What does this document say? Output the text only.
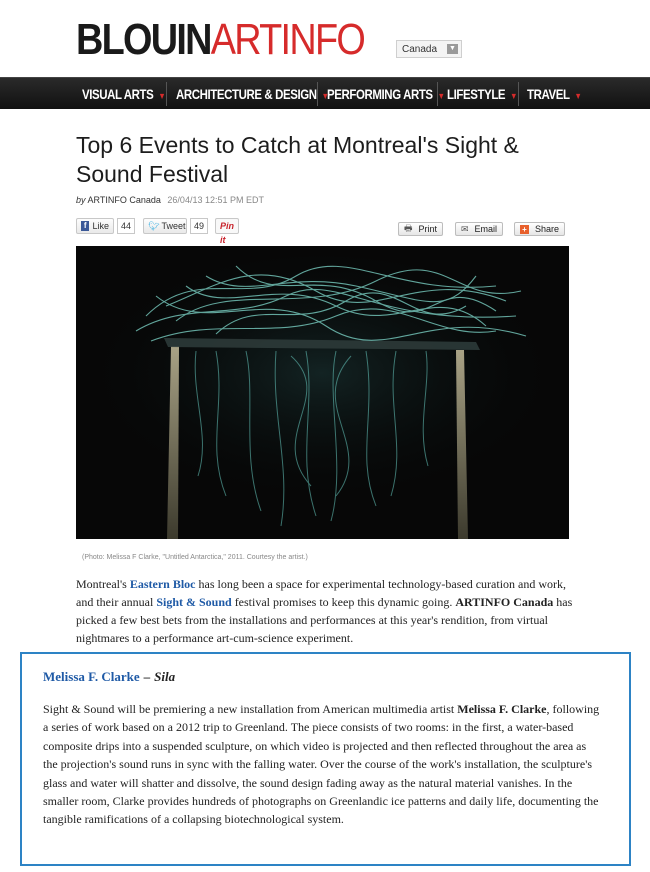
BLOUINARTINFO	Canada ▼
VISUAL ARTS ▼ ARCHITECTURE & DESIGN ▼
PERFORMING ARTS ▼ LIFESTYLE ▼ TRAVEL ▼
Top 6 Events to Catch at Montreal's Sight & Sound Festival
by ARTINFO Canada 26/04/13 12:51 PM EDT
f Like	44	🐦︎ Tweet 49	Pin it
🖶︎ Print	✉︎ Email	+ Share
(Photo: Melissa F Clarke, "Untitled Antarctica," 2011. Courtesy the artist.)

Montreal's Eastern Bloc has long been a space for experimental technology-based curation and work, and their annual Sight & Sound festival promises to keep this dynamic going. ARTINFO Canada has picked a few best bets from the installations and performances at this year's rendition, from virtual nightmares to a performance art-cum-science experiment.

Melissa F. Clarke – Sila

Sight & Sound will be premiering a new installation from American multimedia artist Melissa F. Clarke, following a series of work based on a 2012 trip to Greenland. The piece consists of two rooms: in the first, a water-based composite drips into a suspended sculpture, on which video is projected and then reflected throughout the area as the projection's sound runs in sync with the falling water. Over the course of the work's installation, the sculpture's glass and water will shatter and dissolve, the sound design fading away as the natural material vanishes. In the smaller room, Clarke provides hundreds of photographs on Greenlandic ice patterns and daily life, documenting the tangible ramifications of a collapsing biotechnological system.
